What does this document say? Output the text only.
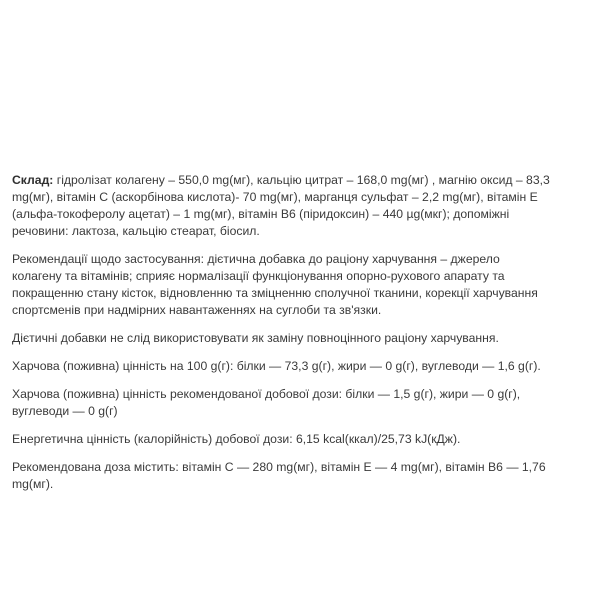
Склад: гідролізат колагену – 550,0 mg(мг), кальцію цитрат – 168,0 mg(мг) , магнію оксид – 83,3 mg(мг), вітамін С (аскорбінова кислота)- 70 mg(мг), марганця сульфат – 2,2 mg(мг), вітамін Е (альфа-токоферолу ацетат) – 1 mg(мг), вітамін В6 (піридоксин) – 440 µg(мкг); допоміжні речовини: лактоза, кальцію стеарат, біосил.

Рекомендації щодо застосування: дієтична добавка до раціону харчування – джерело колагену та вітамінів; сприяє нормалізації функціонування опорно-рухового апарату та покращенню стану кісток, відновленню та зміцненню сполучної тканини, корекції харчування спортсменів при надмірних навантаженнях на суглоби та зв'язки.

Дієтичні добавки не слід використовувати як заміну повноцінного раціону харчування.

Харчова (поживна) цінність на 100 g(г): білки — 73,3 g(г), жири — 0 g(г), вуглеводи — 1,6 g(г).

Харчова (поживна) цінність рекомендованої добової дози: білки — 1,5 g(г), жири — 0 g(г), вуглеводи — 0 g(г)

Енергетична цінність (калорійність) добової дози: 6,15 kcal(ккал)/25,73 kJ(кДж).

Рекомендована доза містить: вітамін С — 280 mg(мг), вітамін Е — 4 mg(мг), вітамін В6 — 1,76 mg(мг).
